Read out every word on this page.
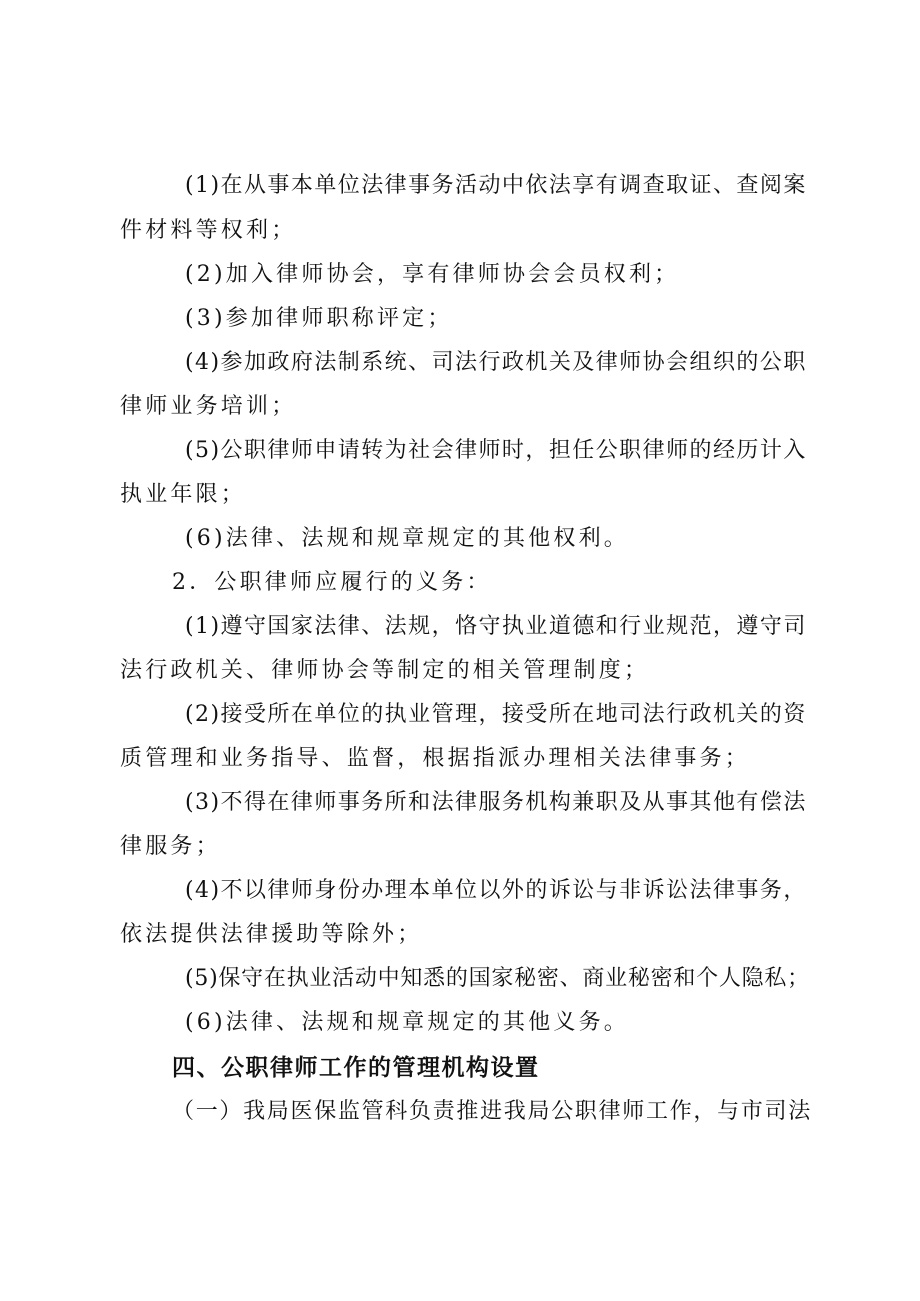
(1)在从事本单位法律事务活动中依法享有调查取证、查阅案
件材料等权利；
(2)加入律师协会，享有律师协会会员权利；
(3)参加律师职称评定；
(4)参加政府法制系统、司法行政机关及律师协会组织的公职
律师业务培训；
(5)公职律师申请转为社会律师时，担任公职律师的经历计入
执业年限；
(6)法律、法规和规章规定的其他权利。
2．公职律师应履行的义务：
(1)遵守国家法律、法规，恪守执业道德和行业规范，遵守司
法行政机关、律师协会等制定的相关管理制度；
(2)接受所在单位的执业管理，接受所在地司法行政机关的资
质管理和业务指导、监督，根据指派办理相关法律事务；
(3)不得在律师事务所和法律服务机构兼职及从事其他有偿法
律服务；
(4)不以律师身份办理本单位以外的诉讼与非诉讼法律事务，
依法提供法律援助等除外；
(5)保守在执业活动中知悉的国家秘密、商业秘密和个人隐私；
(6)法律、法规和规章规定的其他义务。
四、公职律师工作的管理机构设置
（一）我局医保监管科负责推进我局公职律师工作，与市司法
